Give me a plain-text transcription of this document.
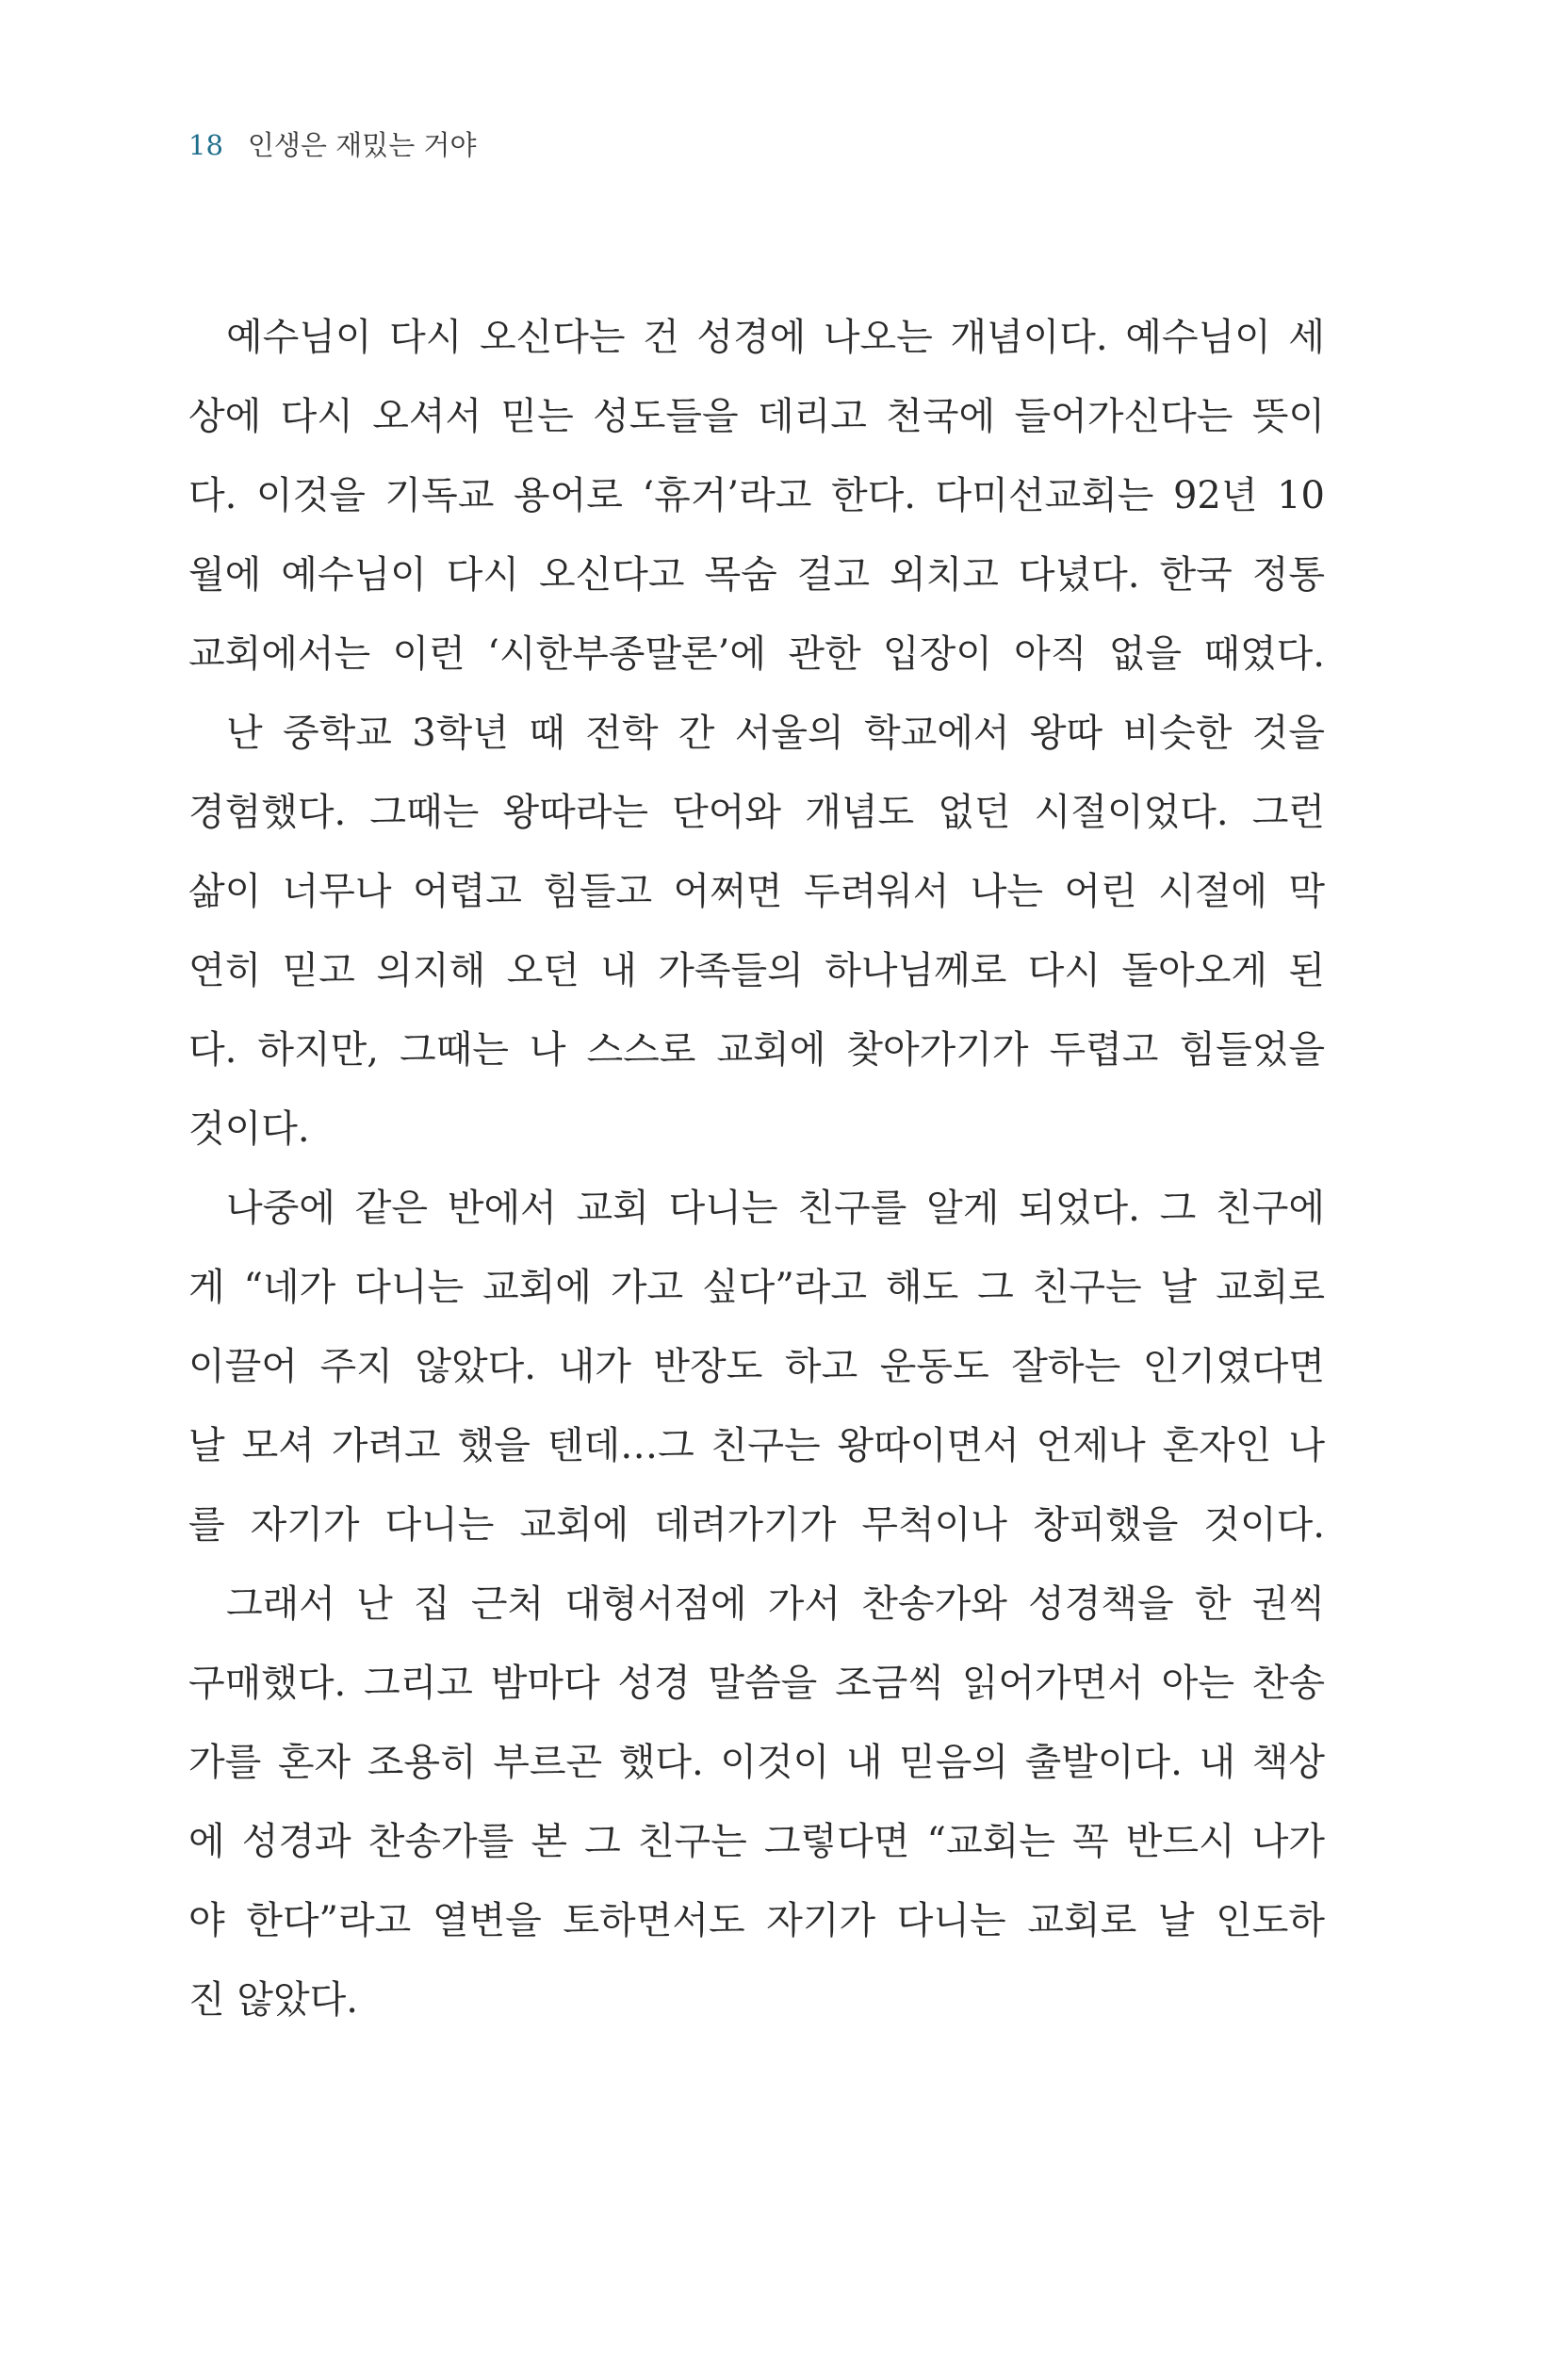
18 인생은 재밌는 거야
예수님이 다시 오신다는 건 성경에 나오는 개념이다. 예수님이 세
상에 다시 오셔서 믿는 성도들을 데리고 천국에 들어가신다는 뜻이
다. 이것을 기독교 용어로 ‘휴거’라고 한다. 다미선교회는 92년 10
월에 예수님이 다시 오신다고 목숨 걸고 외치고 다녔다. 한국 정통
교회에서는 이런 ‘시한부종말론’에 관한 입장이 아직 없을 때였다.
난 중학교 3학년 때 전학 간 서울의 학교에서 왕따 비슷한 것을
경험했다. 그때는 왕따라는 단어와 개념도 없던 시절이었다. 그런
삶이 너무나 어렵고 힘들고 어쩌면 두려워서 나는 어린 시절에 막
연히 믿고 의지해 오던 내 가족들의 하나님께로 다시 돌아오게 된
다. 하지만, 그때는 나 스스로 교회에 찾아가기가 두렵고 힘들었을
것이다.
나중에 같은 반에서 교회 다니는 친구를 알게 되었다. 그 친구에
게 “네가 다니는 교회에 가고 싶다”라고 해도 그 친구는 날 교회로
이끌어 주지 않았다. 내가 반장도 하고 운동도 잘하는 인기였다면
날 모셔 가려고 했을 텐데…그 친구는 왕따이면서 언제나 혼자인 나
를 자기가 다니는 교회에 데려가기가 무척이나 창피했을 것이다.
그래서 난 집 근처 대형서점에 가서 찬송가와 성경책을 한 권씩
구매했다. 그리고 밤마다 성경 말씀을 조금씩 읽어가면서 아는 찬송
가를 혼자 조용히 부르곤 했다. 이것이 내 믿음의 출발이다. 내 책상
에 성경과 찬송가를 본 그 친구는 그렇다면 “교회는 꼭 반드시 나가
야 한다”라고 열변을 토하면서도 자기가 다니는 교회로 날 인도하
진 않았다.
